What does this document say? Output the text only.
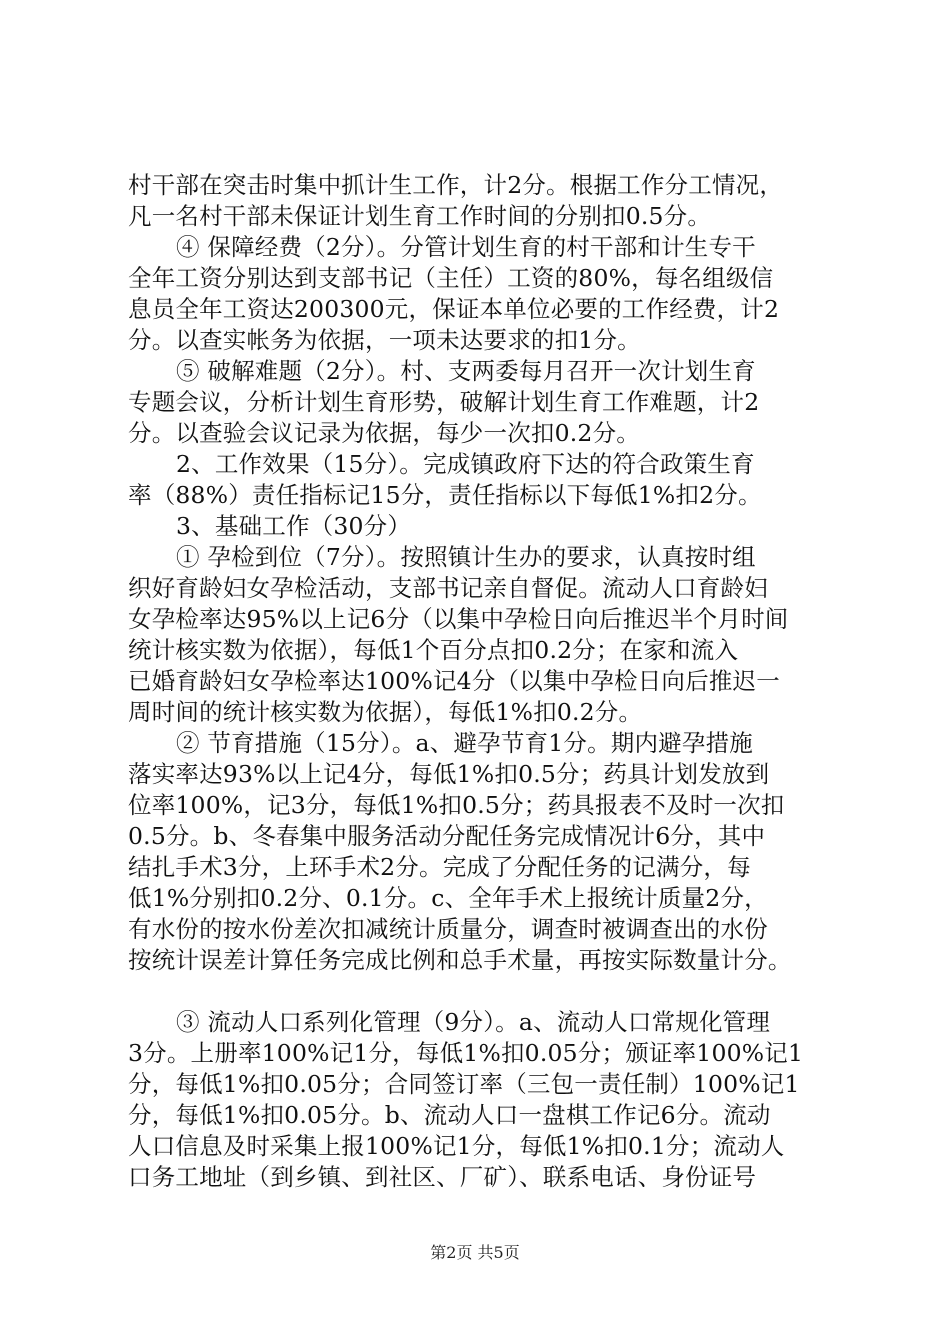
村干部在突击时集中抓计生工作，计2分。根据工作分工情况，
凡一名村干部未保证计划生育工作时间的分别扣0.5分。
④ 保障经费（2分）。分管计划生育的村干部和计生专干
全年工资分别达到支部书记（主任）工资的80%，每名组级信
息员全年工资达200300元，保证本单位必要的工作经费，计2
分。以查实帐务为依据，一项未达要求的扣1分。
⑤ 破解难题（2分）。村、支两委每月召开一次计划生育
专题会议，分析计划生育形势，破解计划生育工作难题，计2
分。以查验会议记录为依据，每少一次扣0.2分。
2、工作效果（15分）。完成镇政府下达的符合政策生育
率（88%）责任指标记15分，责任指标以下每低1%扣2分。
3、基础工作（30分）
① 孕检到位（7分）。按照镇计生办的要求，认真按时组
织好育龄妇女孕检活动，支部书记亲自督促。流动人口育龄妇
女孕检率达95%以上记6分（以集中孕检日向后推迟半个月时间
统计核实数为依据），每低1个百分点扣0.2分；在家和流入
已婚育龄妇女孕检率达100%记4分（以集中孕检日向后推迟一
周时间的统计核实数为依据），每低1%扣0.2分。
② 节育措施（15分）。a、避孕节育1分。期内避孕措施
落实率达93%以上记4分，每低1%扣0.5分；药具计划发放到
位率100%，记3分，每低1%扣0.5分；药具报表不及时一次扣
0.5分。b、冬春集中服务活动分配任务完成情况计6分，其中
结扎手术3分，上环手术2分。完成了分配任务的记满分，每
低1%分别扣0.2分、0.1分。c、全年手术上报统计质量2分，
有水份的按水份差次扣减统计质量分，调查时被调查出的水份
按统计误差计算任务完成比例和总手术量，再按实际数量计分。
③ 流动人口系列化管理（9分）。a、流动人口常规化管理
3分。上册率100%记1分，每低1%扣0.05分；颁证率100%记1
分，每低1%扣0.05分；合同签订率（三包一责任制）100%记1
分，每低1%扣0.05分。b、流动人口一盘棋工作记6分。流动
人口信息及时采集上报100%记1分，每低1%扣0.1分；流动人
口务工地址（到乡镇、到社区、厂矿）、联系电话、身份证号
第2页 共5页
